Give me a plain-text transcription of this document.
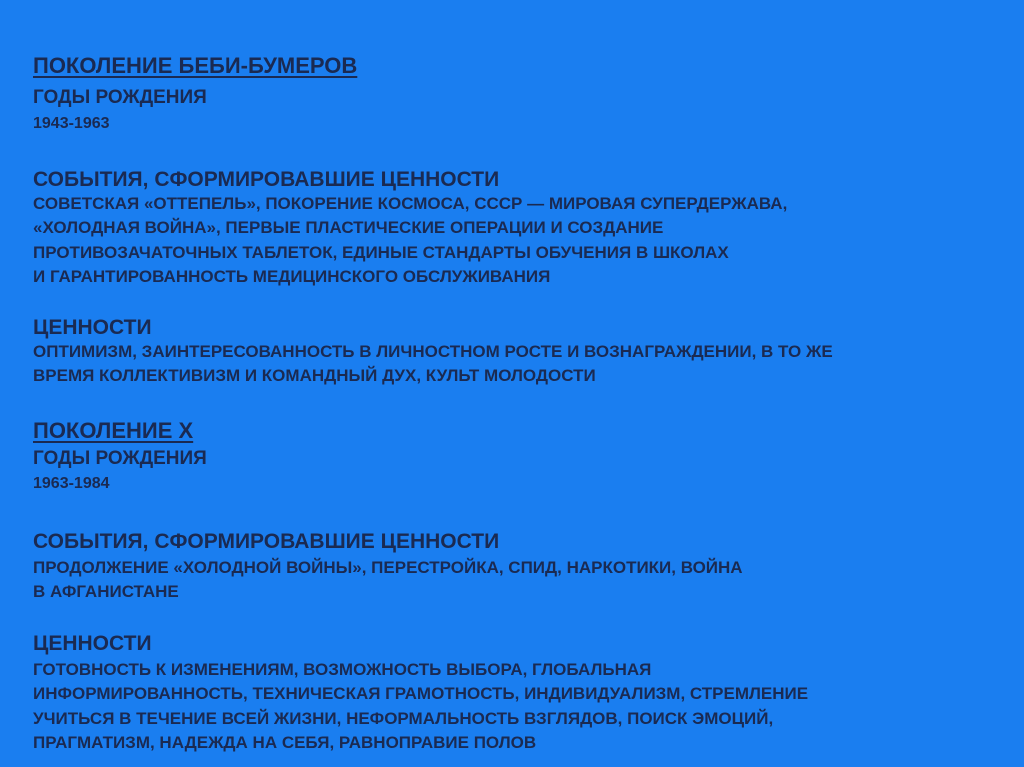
ПОКОЛЕНИЕ БЕБИ-БУМЕРОВ
ГОДЫ РОЖДЕНИЯ
1943-1963
СОБЫТИЯ, СФОРМИРОВАВШИЕ ЦЕННОСТИ
СОВЕТСКАЯ «ОТТЕПЕЛЬ», ПОКОРЕНИЕ КОСМОСА, СССР — МИРОВАЯ СУПЕРДЕРЖАВА,
«ХОЛОДНАЯ ВОЙНА», ПЕРВЫЕ ПЛАСТИЧЕСКИЕ ОПЕРАЦИИ И СОЗДАНИЕ
ПРОТИВОЗАЧАТОЧНЫХ ТАБЛЕТОК, ЕДИНЫЕ СТАНДАРТЫ ОБУЧЕНИЯ В ШКОЛАХ
И ГАРАНТИРОВАННОСТЬ МЕДИЦИНСКОГО ОБСЛУЖИВАНИЯ
ЦЕННОСТИ
ОПТИМИЗМ, ЗАИНТЕРЕСОВАННОСТЬ В ЛИЧНОСТНОМ РОСТЕ И ВОЗНАГРАЖДЕНИИ, В ТО ЖЕ
ВРЕМЯ КОЛЛЕКТИВИЗМ И КОМАНДНЫЙ ДУХ, КУЛЬТ МОЛОДОСТИ
ПОКОЛЕНИЕ Х
ГОДЫ РОЖДЕНИЯ
1963-1984
СОБЫТИЯ, СФОРМИРОВАВШИЕ ЦЕННОСТИ
ПРОДОЛЖЕНИЕ «ХОЛОДНОЙ ВОЙНЫ», ПЕРЕСТРОЙКА, СПИД, НАРКОТИКИ, ВОЙНА
В АФГАНИСТАНЕ
ЦЕННОСТИ
ГОТОВНОСТЬ К ИЗМЕНЕНИЯМ, ВОЗМОЖНОСТЬ ВЫБОРА, ГЛОБАЛЬНАЯ
ИНФОРМИРОВАННОСТЬ, ТЕХНИЧЕСКАЯ ГРАМОТНОСТЬ, ИНДИВИДУАЛИЗМ, СТРЕМЛЕНИЕ
УЧИТЬСЯ В ТЕЧЕНИЕ ВСЕЙ ЖИЗНИ, НЕФОРМАЛЬНОСТЬ ВЗГЛЯДОВ, ПОИСК ЭМОЦИЙ,
ПРАГМАТИЗМ, НАДЕЖДА НА СЕБЯ, РАВНОПРАВИЕ ПОЛОВ
